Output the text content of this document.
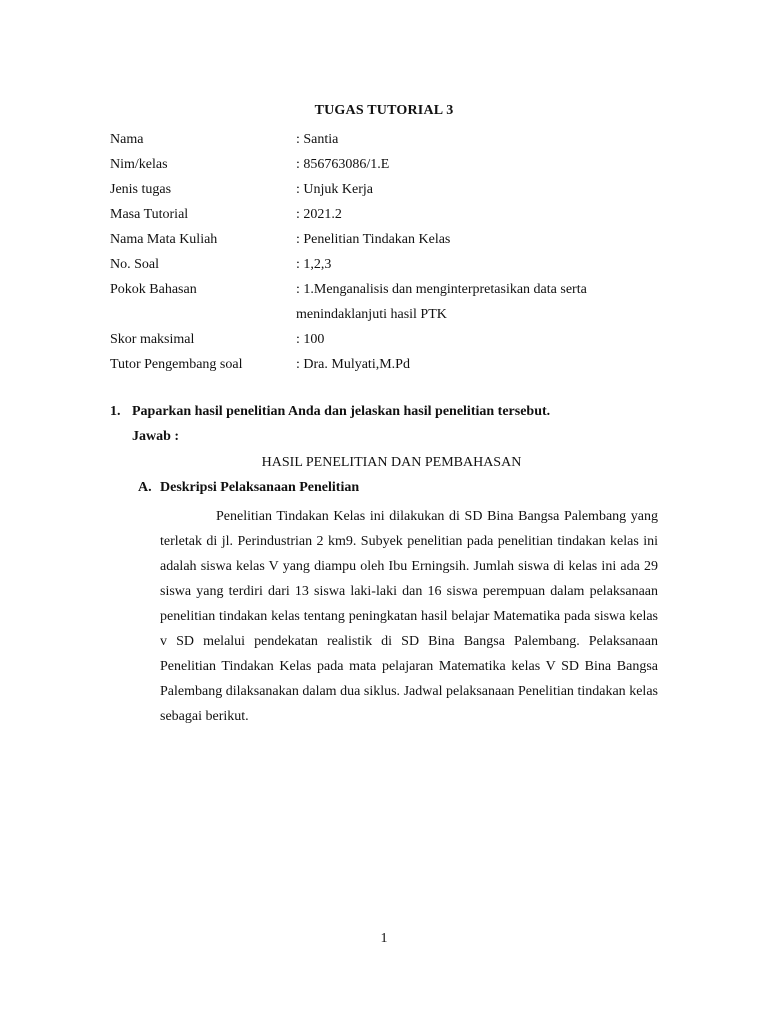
TUGAS TUTORIAL 3
Nama	: Santia
Nim/kelas	: 856763086/1.E
Jenis tugas	: Unjuk Kerja
Masa Tutorial	: 2021.2
Nama Mata Kuliah	: Penelitian Tindakan Kelas
No. Soal	: 1,2,3
Pokok Bahasan	: 1.Menganalisis dan menginterpretasikan data serta menindaklanjuti hasil PTK
Skor maksimal	: 100
Tutor Pengembang soal	: Dra. Mulyati,M.Pd
1. Paparkan hasil penelitian Anda dan jelaskan hasil penelitian tersebut.
Jawab :
HASIL PENELITIAN DAN PEMBAHASAN
A. Deskripsi Pelaksanaan Penelitian

Penelitian Tindakan Kelas ini dilakukan di SD Bina Bangsa Palembang yang terletak di jl. Perindustrian 2 km9. Subyek penelitian pada penelitian tindakan kelas ini adalah siswa kelas V yang diampu oleh Ibu Erningsih. Jumlah siswa di kelas ini ada 29 siswa yang terdiri dari 13 siswa laki-laki dan 16 siswa perempuan dalam pelaksanaan penelitian tindakan kelas tentang peningkatan hasil belajar Matematika pada siswa kelas v SD melalui pendekatan realistik di SD Bina Bangsa Palembang. Pelaksanaan Penelitian Tindakan Kelas pada mata pelajaran Matematika kelas V SD Bina Bangsa Palembang dilaksanakan dalam dua siklus. Jadwal pelaksanaan Penelitian tindakan kelas sebagai berikut.

1
